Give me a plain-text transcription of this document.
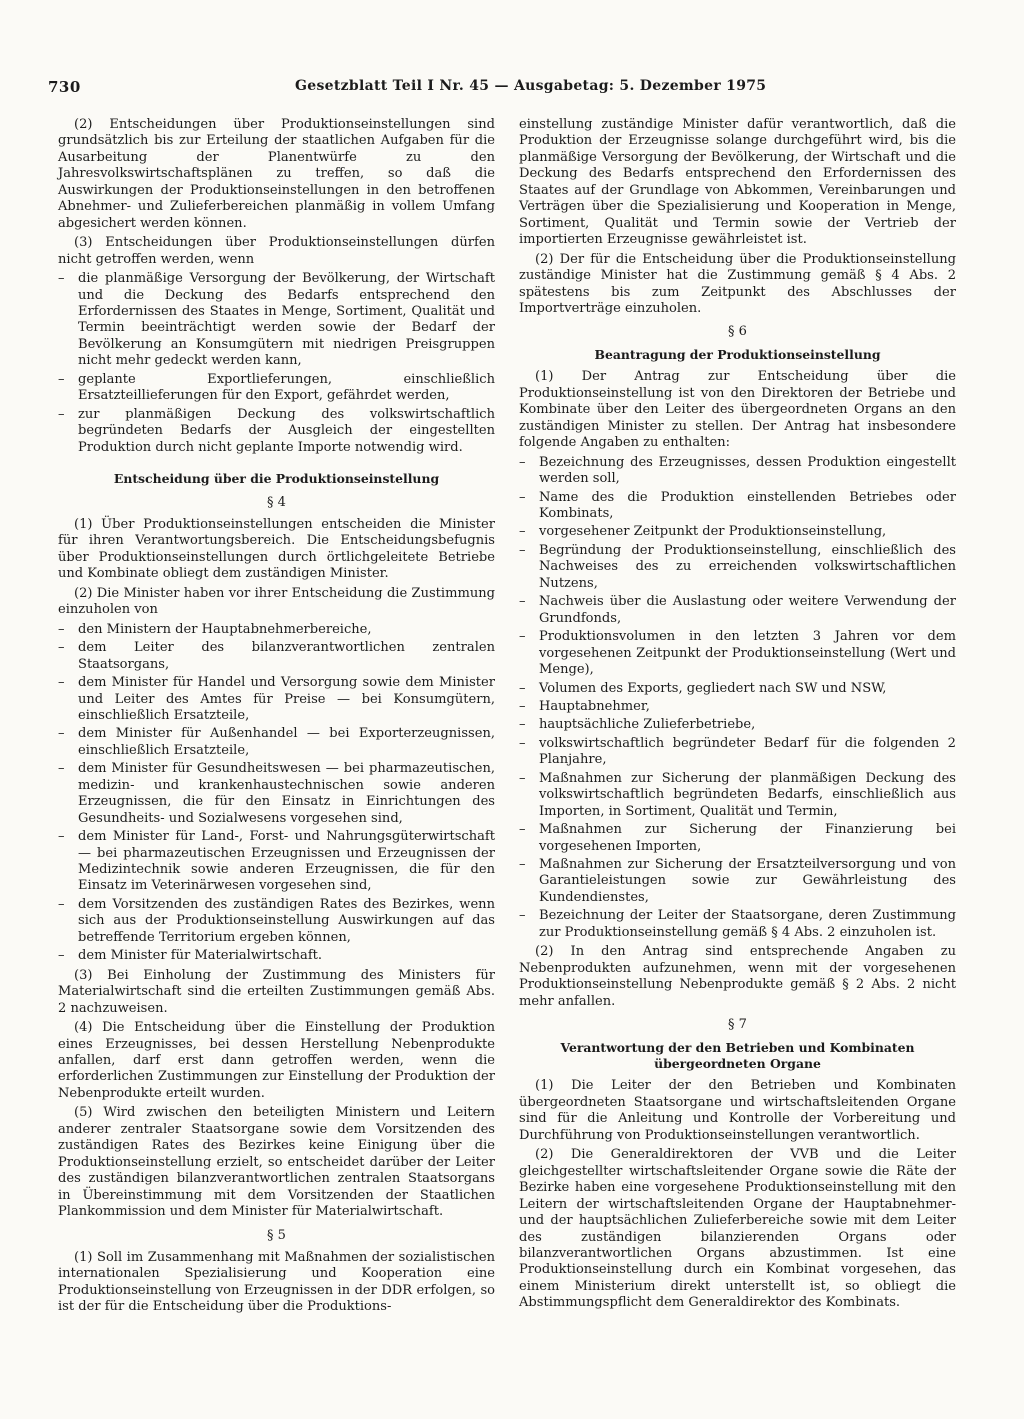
730	Gesetzblatt Teil I Nr. 45 — Ausgabetag: 5. Dezember 1975

(2) Entscheidungen über Produktionseinstellungen sind grundsätzlich bis zur Erteilung der staatlichen Aufgaben für die Ausarbeitung der Planentwürfe zu den Jahresvolkswirtschaftsplänen zu treffen, so daß die Auswirkungen der Produktionseinstellungen in den betroffenen Abnehmer- und Zulieferbereichen planmäßig in vollem Umfang abgesichert werden können.

(3) Entscheidungen über Produktionseinstellungen dürfen nicht getroffen werden, wenn

– die planmäßige Versorgung der Bevölkerung, der Wirtschaft und die Deckung des Bedarfs entsprechend den Erfordernissen des Staates in Menge, Sortiment, Qualität und Termin beeinträchtigt werden sowie der Bedarf der Bevölkerung an Konsumgütern mit niedrigen Preisgruppen nicht mehr gedeckt werden kann,
– geplante Exportlieferungen, einschließlich Ersatzteillieferungen für den Export, gefährdet werden,
– zur planmäßigen Deckung des volkswirtschaftlich begründeten Bedarfs der Ausgleich der eingestellten Produktion durch nicht geplante Importe notwendig wird.
Entscheidung über die Produktionseinstellung
§ 4

(1) Über Produktionseinstellungen entscheiden die Minister für ihren Verantwortungsbereich. Die Entscheidungsbefugnis über Produktionseinstellungen durch örtlichgeleitete Betriebe und Kombinate obliegt dem zuständigen Minister.

(2) Die Minister haben vor ihrer Entscheidung die Zustimmung einzuholen von

– den Ministern der Hauptabnehmerbereiche,
– dem Leiter des bilanzverantwortlichen zentralen Staatsorgans,
– dem Minister für Handel und Versorgung sowie dem Minister und Leiter des Amtes für Preise — bei Konsumgütern, einschließlich Ersatzteile,
– dem Minister für Außenhandel — bei Exporterzeugnissen, einschließlich Ersatzteile,
– dem Minister für Gesundheitswesen — bei pharmazeutischen, medizin- und krankenhaustechnischen sowie anderen Erzeugnissen, die für den Einsatz in Einrichtungen des Gesundheits- und Sozialwesens vorgesehen sind,
– dem Minister für Land-, Forst- und Nahrungsgüterwirtschaft — bei pharmazeutischen Erzeugnissen und Erzeugnissen der Medizintechnik sowie anderen Erzeugnissen, die für den Einsatz im Veterinärwesen vorgesehen sind,
– dem Vorsitzenden des zuständigen Rates des Bezirkes, wenn sich aus der Produktionseinstellung Auswirkungen auf das betreffende Territorium ergeben können,
– dem Minister für Materialwirtschaft.

(3) Bei Einholung der Zustimmung des Ministers für Materialwirtschaft sind die erteilten Zustimmungen gemäß Abs. 2 nachzuweisen.

(4) Die Entscheidung über die Einstellung der Produktion eines Erzeugnisses, bei dessen Herstellung Nebenprodukte anfallen, darf erst dann getroffen werden, wenn die erforderlichen Zustimmungen zur Einstellung der Produktion der Nebenprodukte erteilt wurden.

(5) Wird zwischen den beteiligten Ministern und Leitern anderer zentraler Staatsorgane sowie dem Vorsitzenden des zuständigen Rates des Bezirkes keine Einigung über die Produktionseinstellung erzielt, so entscheidet darüber der Leiter des zuständigen bilanzverantwortlichen zentralen Staatsorgans in Übereinstimmung mit dem Vorsitzenden der Staatlichen Plankommission und dem Minister für Materialwirtschaft.

§ 5

(1) Soll im Zusammenhang mit Maßnahmen der sozialistischen internationalen Spezialisierung und Kooperation eine Produktionseinstellung von Erzeugnissen in der DDR erfolgen, so ist der für die Entscheidung über die Produktions-

einstellung zuständige Minister dafür verantwortlich, daß die Produktion der Erzeugnisse solange durchgeführt wird, bis die planmäßige Versorgung der Bevölkerung, der Wirtschaft und die Deckung des Bedarfs entsprechend den Erfordernissen des Staates auf der Grundlage von Abkommen, Vereinbarungen und Verträgen über die Spezialisierung und Kooperation in Menge, Sortiment, Qualität und Termin sowie der Vertrieb der importierten Erzeugnisse gewährleistet ist.

(2) Der für die Entscheidung über die Produktionseinstellung zuständige Minister hat die Zustimmung gemäß § 4 Abs. 2 spätestens bis zum Zeitpunkt des Abschlusses der Importverträge einzuholen.

§ 6
Beantragung der Produktionseinstellung

(1) Der Antrag zur Entscheidung über die Produktionseinstellung ist von den Direktoren der Betriebe und Kombinate über den Leiter des übergeordneten Organs an den zuständigen Minister zu stellen. Der Antrag hat insbesondere folgende Angaben zu enthalten:

– Bezeichnung des Erzeugnisses, dessen Produktion eingestellt werden soll,
– Name des die Produktion einstellenden Betriebes oder Kombinats,
– vorgesehener Zeitpunkt der Produktionseinstellung,
– Begründung der Produktionseinstellung, einschließlich des Nachweises des zu erreichenden volkswirtschaftlichen Nutzens,
– Nachweis über die Auslastung oder weitere Verwendung der Grundfonds,
– Produktionsvolumen in den letzten 3 Jahren vor dem vorgesehenen Zeitpunkt der Produktionseinstellung (Wert und Menge),
– Volumen des Exports, gegliedert nach SW und NSW,
– Hauptabnehmer,
– hauptsächliche Zulieferbetriebe,
– volkswirtschaftlich begründeter Bedarf für die folgenden 2 Planjahre,
– Maßnahmen zur Sicherung der planmäßigen Deckung des volkswirtschaftlich begründeten Bedarfs, einschließlich aus Importen, in Sortiment, Qualität und Termin,
– Maßnahmen zur Sicherung der Finanzierung bei vorgesehenen Importen,
– Maßnahmen zur Sicherung der Ersatzteilversorgung und von Garantieleistungen sowie zur Gewährleistung des Kundendienstes,
– Bezeichnung der Leiter der Staatsorgane, deren Zustimmung zur Produktionseinstellung gemäß § 4 Abs. 2 einzuholen ist.

(2) In den Antrag sind entsprechende Angaben zu Nebenprodukten aufzunehmen, wenn mit der vorgesehenen Produktionseinstellung Nebenprodukte gemäß § 2 Abs. 2 nicht mehr anfallen.

§ 7
Verantwortung der den Betrieben und Kombinaten übergeordneten Organe

(1) Die Leiter der den Betrieben und Kombinaten übergeordneten Staatsorgane und wirtschaftsleitenden Organe sind für die Anleitung und Kontrolle der Vorbereitung und Durchführung von Produktionseinstellungen verantwortlich.

(2) Die Generaldirektoren der VVB und die Leiter gleichgestellter wirtschaftsleitender Organe sowie die Räte der Bezirke haben eine vorgesehene Produktionseinstellung mit den Leitern der wirtschaftsleitenden Organe der Hauptabnehmer- und der hauptsächlichen Zulieferbereiche sowie mit dem Leiter des zuständigen bilanzierenden Organs oder bilanzverantwortlichen Organs abzustimmen. Ist eine Produktionseinstellung durch ein Kombinat vorgesehen, das einem Ministerium direkt unterstellt ist, so obliegt die Abstimmungspflicht dem Generaldirektor des Kombinats.
